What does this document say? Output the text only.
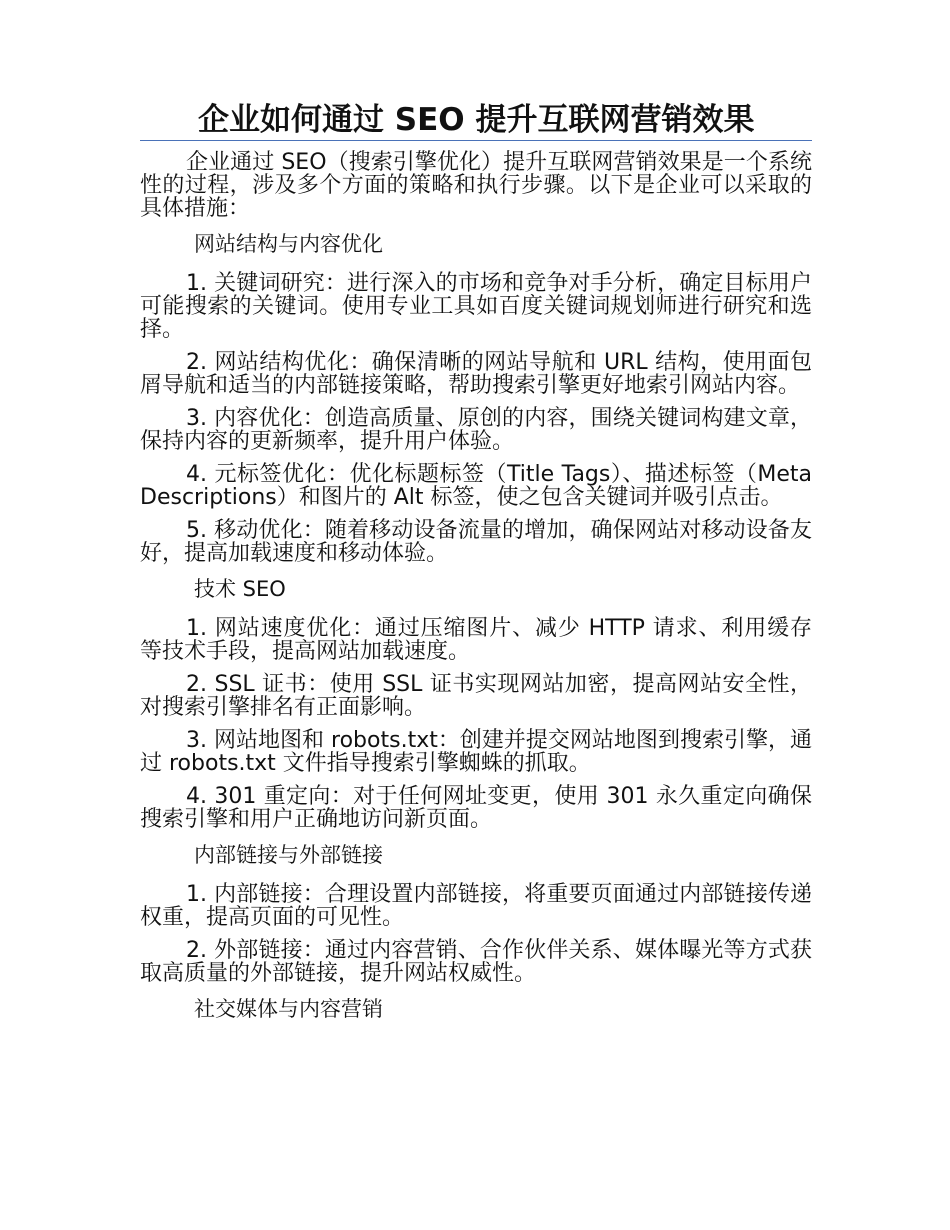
企业如何通过 SEO 提升互联网营销效果

企业通过 SEO（搜索引擎优化）提升互联网营销效果是一个系统性的过程，涉及多个方面的策略和执行步骤。以下是企业可以采取的具体措施：

网站结构与内容优化

1. 关键词研究：进行深入的市场和竞争对手分析，确定目标用户可能搜索的关键词。使用专业工具如百度关键词规划师进行研究和选择。

2. 网站结构优化：确保清晰的网站导航和 URL 结构，使用面包屑导航和适当的内部链接策略，帮助搜索引擎更好地索引网站内容。

3. 内容优化：创造高质量、原创的内容，围绕关键词构建文章，保持内容的更新频率，提升用户体验。

4. 元标签优化：优化标题标签（Title Tags）、描述标签（Meta Descriptions）和图片的 Alt 标签，使之包含关键词并吸引点击。

5. 移动优化：随着移动设备流量的增加，确保网站对移动设备友好，提高加载速度和移动体验。

技术 SEO

1. 网站速度优化：通过压缩图片、减少 HTTP 请求、利用缓存等技术手段，提高网站加载速度。

2. SSL 证书：使用 SSL 证书实现网站加密，提高网站安全性，对搜索引擎排名有正面影响。

3. 网站地图和 robots.txt：创建并提交网站地图到搜索引擎，通过 robots.txt 文件指导搜索引擎蜘蛛的抓取。

4. 301 重定向：对于任何网址变更，使用 301 永久重定向确保搜索引擎和用户正确地访问新页面。

内部链接与外部链接

1. 内部链接：合理设置内部链接，将重要页面通过内部链接传递权重，提高页面的可见性。

2. 外部链接：通过内容营销、合作伙伴关系、媒体曝光等方式获取高质量的外部链接，提升网站权威性。

社交媒体与内容营销
